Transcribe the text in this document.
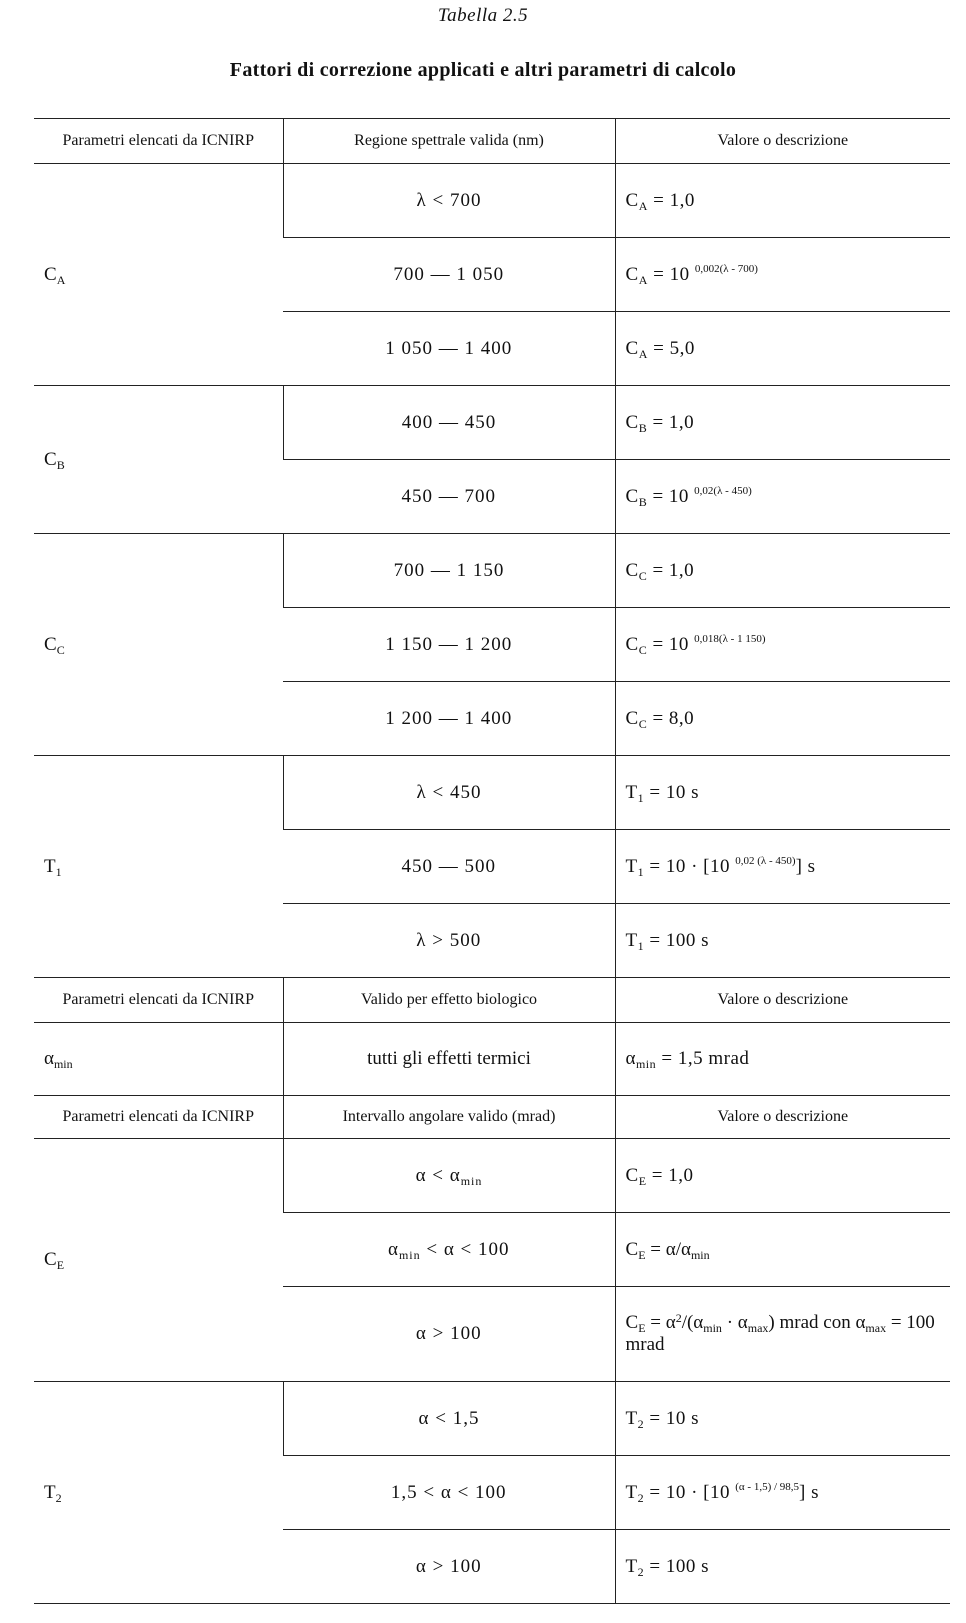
Tabella 2.5
Fattori di correzione applicati e altri parametri di calcolo
Parametri elencati da ICNIRP	Regione spettrale valida (nm)	Valore o descrizione
$C_A$	λ < 700	$C_A = 1,0$
	700 — 1 050	$C_A = 10$ $^{0,002(\lambda - 700)}$
	1 050 — 1 400	$C_A = 5,0$
$C_B$	400 — 450	$C_B = 1,0$
	450 — 700	$C_B = 10$ $^{0,02(\lambda - 450)}$
$C_C$	700 — 1 150	$C_C = 1,0$
	1 150 — 1 200	$C_C = 10$ $^{0,018(\lambda - 1 150)}$
	1 200 — 1 400	$C_C = 8,0$
$T_1$	λ < 450	$T_1 = 10$ s
	450 — 500	$T_1 = 10 \cdot [10$ $^{0,02 (\lambda - 450)}$] s
	λ > 500	$T_1 = 100$ s
Parametri elencati da ICNIRP	Valido per effetto biologico	Valore o descrizione
$\alpha_{min}$	tutti gli effetti termici	$\alpha_{min} = 1,5$ mrad
Parametri elencati da ICNIRP	Intervallo angolare valido (mrad)	Valore o descrizione
$C_E$	$\alpha < \alpha_{min}$	$C_E = 1,0$
	$\alpha_{min} < \alpha < 100$	$C_E = \alpha/\alpha_{min}$
	α > 100	$C_E = \alpha^2/(\alpha_{min} \cdot \alpha_{max})$ mrad con $\alpha_{max} = 100$ mrad
$T_2$	α < 1,5	$T_2 = 10$ s
	1,5 < α < 100	$T_2 = 10 \cdot [10$ $^{(\alpha - 1,5) / 98,5}$] s
	α > 100	$T_2 = 100$ s
